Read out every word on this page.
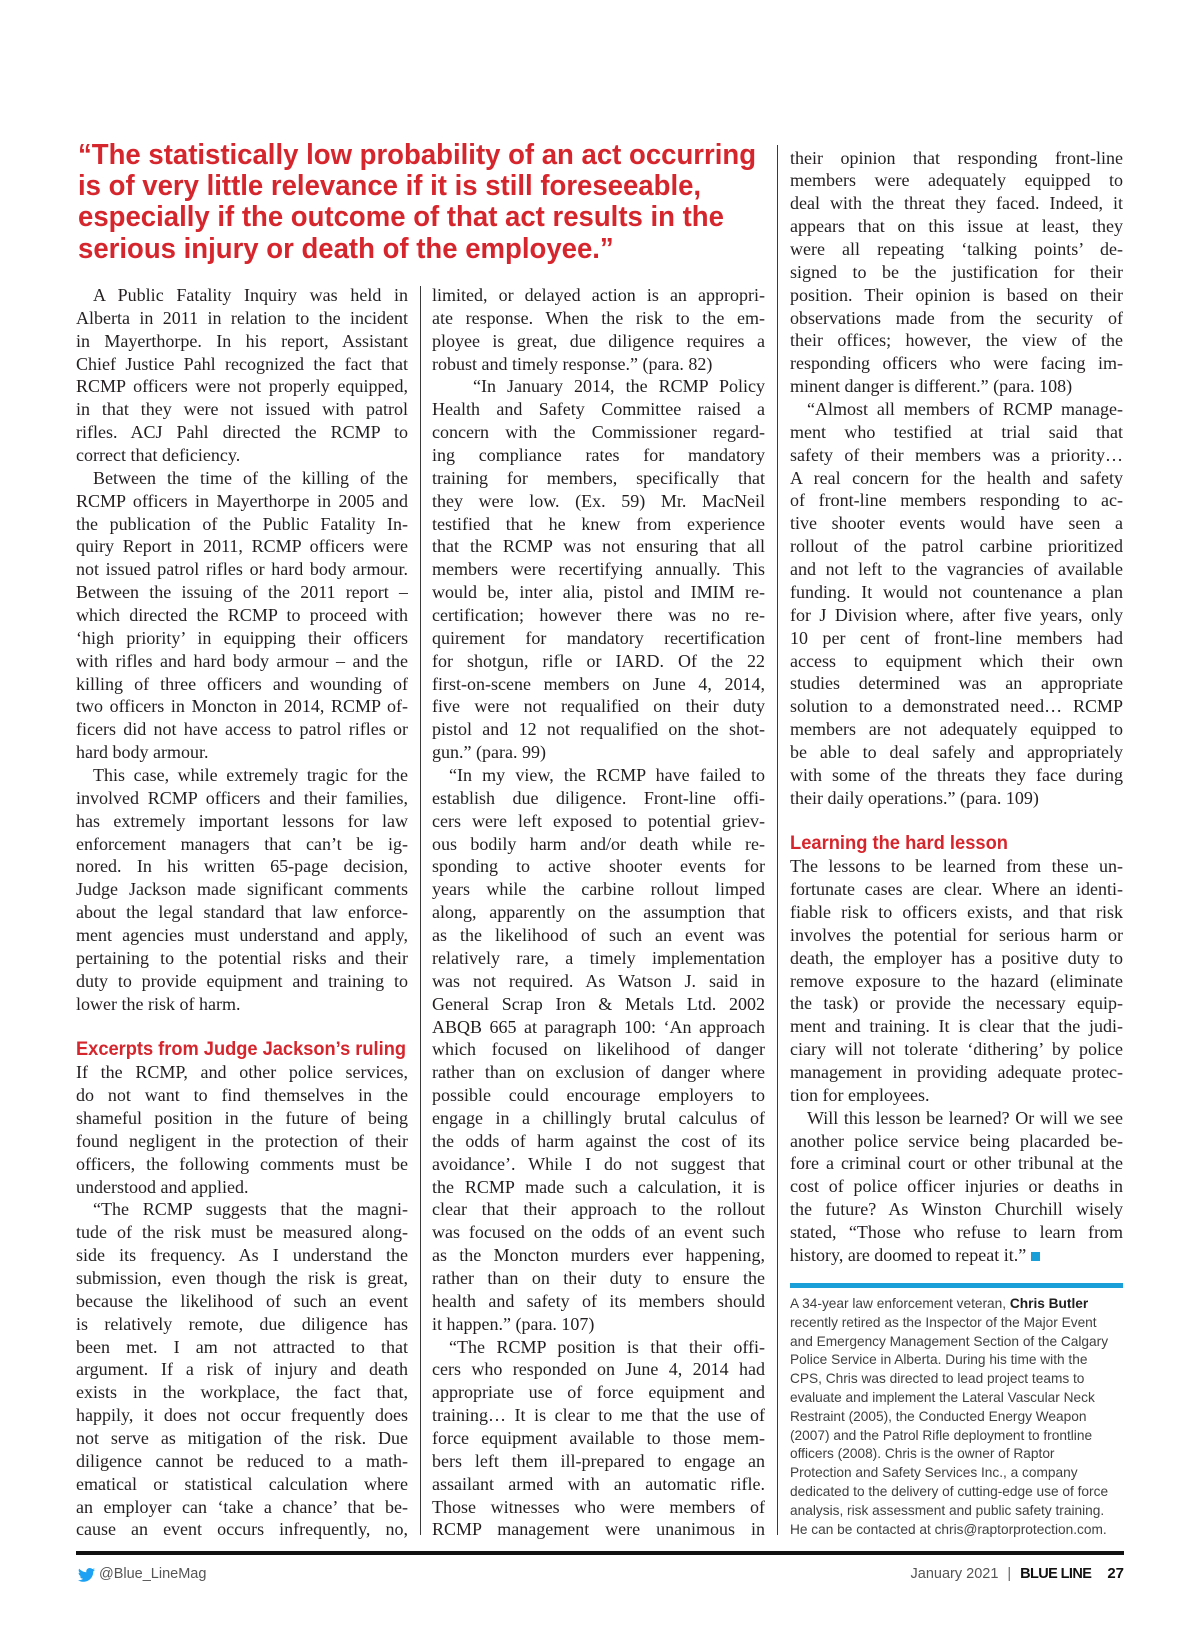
“The statistically low probability of an act occurring
is of very little relevance if it is still foreseeable,
especially if the outcome of that act results in the
serious injury or death of the employee.”
A Public Fatality Inquiry was held in
Alberta in 2011 in relation to the incident
in Mayerthorpe. In his report, Assistant
Chief Justice Pahl recognized the fact that
RCMP officers were not properly equipped,
in that they were not issued with patrol
rifles. ACJ Pahl directed the RCMP to
correct that deficiency.
Between the time of the killing of the
RCMP officers in Mayerthorpe in 2005 and
the publication of the Public Fatality In-
quiry Report in 2011, RCMP officers were
not issued patrol rifles or hard body armour.
Between the issuing of the 2011 report –
which directed the RCMP to proceed with
‘high priority’ in equipping their officers
with rifles and hard body armour – and the
killing of three officers and wounding of
two officers in Moncton in 2014, RCMP of-
ficers did not have access to patrol rifles or
hard body armour.
This case, while extremely tragic for the
involved RCMP officers and their families,
has extremely important lessons for law
enforcement managers that can’t be ig-
nored. In his written 65-page decision,
Judge Jackson made significant comments
about the legal standard that law enforce-
ment agencies must understand and apply,
pertaining to the potential risks and their
duty to provide equipment and training to
lower the risk of harm.
Excerpts from Judge Jackson’s ruling
If the RCMP, and other police services,
do not want to find themselves in the
shameful position in the future of being
found negligent in the protection of their
officers, the following comments must be
understood and applied.
“The RCMP suggests that the magni-
tude of the risk must be measured along-
side its frequency. As I understand the
submission, even though the risk is great,
because the likelihood of such an event
is relatively remote, due diligence has
been met. I am not attracted to that
argument. If a risk of injury and death
exists in the workplace, the fact that,
happily, it does not occur frequently does
not serve as mitigation of the risk. Due
diligence cannot be reduced to a math-
ematical or statistical calculation where
an employer can ‘take a chance’ that be-
cause an event occurs infrequently, no,
limited, or delayed action is an appropri-
ate response. When the risk to the em-
ployee is great, due diligence requires a
robust and timely response.” (para. 82)
“In January 2014, the RCMP Policy
Health and Safety Committee raised a
concern with the Commissioner regard-
ing compliance rates for mandatory
training for members, specifically that
they were low. (Ex. 59) Mr. MacNeil
testified that he knew from experience
that the RCMP was not ensuring that all
members were recertifying annually. This
would be, inter alia, pistol and IMIM re-
certification; however there was no re-
quirement for mandatory recertification
for shotgun, rifle or IARD. Of the 22
first-on-scene members on June 4, 2014,
five were not requalified on their duty
pistol and 12 not requalified on the shot-
gun.” (para. 99)
“In my view, the RCMP have failed to
establish due diligence. Front-line offi-
cers were left exposed to potential griev-
ous bodily harm and/or death while re-
sponding to active shooter events for
years while the carbine rollout limped
along, apparently on the assumption that
as the likelihood of such an event was
relatively rare, a timely implementation
was not required. As Watson J. said in
General Scrap Iron & Metals Ltd. 2002
ABQB 665 at paragraph 100: ‘An approach
which focused on likelihood of danger
rather than on exclusion of danger where
possible could encourage employers to
engage in a chillingly brutal calculus of
the odds of harm against the cost of its
avoidance’. While I do not suggest that
the RCMP made such a calculation, it is
clear that their approach to the rollout
was focused on the odds of an event such
as the Moncton murders ever happening,
rather than on their duty to ensure the
health and safety of its members should
it happen.” (para. 107)
“The RCMP position is that their offi-
cers who responded on June 4, 2014 had
appropriate use of force equipment and
training… It is clear to me that the use of
force equipment available to those mem-
bers left them ill-prepared to engage an
assailant armed with an automatic rifle.
Those witnesses who were members of
RCMP management were unanimous in
their opinion that responding front-line
members were adequately equipped to
deal with the threat they faced. Indeed, it
appears that on this issue at least, they
were all repeating ‘talking points’ de-
signed to be the justification for their
position. Their opinion is based on their
observations made from the security of
their offices; however, the view of the
responding officers who were facing im-
minent danger is different.” (para. 108)
“Almost all members of RCMP manage-
ment who testified at trial said that
safety of their members was a priority…
A real concern for the health and safety
of front-line members responding to ac-
tive shooter events would have seen a
rollout of the patrol carbine prioritized
and not left to the vagrancies of available
funding. It would not countenance a plan
for J Division where, after five years, only
10 per cent of front-line members had
access to equipment which their own
studies determined was an appropriate
solution to a demonstrated need… RCMP
members are not adequately equipped to
be able to deal safely and appropriately
with some of the threats they face during
their daily operations.” (para. 109)
Learning the hard lesson
The lessons to be learned from these un-
fortunate cases are clear. Where an identi-
fiable risk to officers exists, and that risk
involves the potential for serious harm or
death, the employer has a positive duty to
remove exposure to the hazard (eliminate
the task) or provide the necessary equip-
ment and training. It is clear that the judi-
ciary will not tolerate ‘dithering’ by police
management in providing adequate protec-
tion for employees.
Will this lesson be learned? Or will we see
another police service being placarded be-
fore a criminal court or other tribunal at the
cost of police officer injuries or deaths in
the future? As Winston Churchill wisely
stated, “Those who refuse to learn from
history, are doomed to repeat it.”
A 34-year law enforcement veteran, Chris Butler
recently retired as the Inspector of the Major Event
and Emergency Management Section of the Calgary
Police Service in Alberta. During his time with the
CPS, Chris was directed to lead project teams to
evaluate and implement the Lateral Vascular Neck
Restraint (2005), the Conducted Energy Weapon
(2007) and the Patrol Rifle deployment to frontline
officers (2008). Chris is the owner of Raptor
Protection and Safety Services Inc., a company
dedicated to the delivery of cutting-edge use of force
analysis, risk assessment and public safety training.
He can be contacted at chris@raptorprotection.com.
@Blue_LineMag	January 2021 | BLUE LINE 27
